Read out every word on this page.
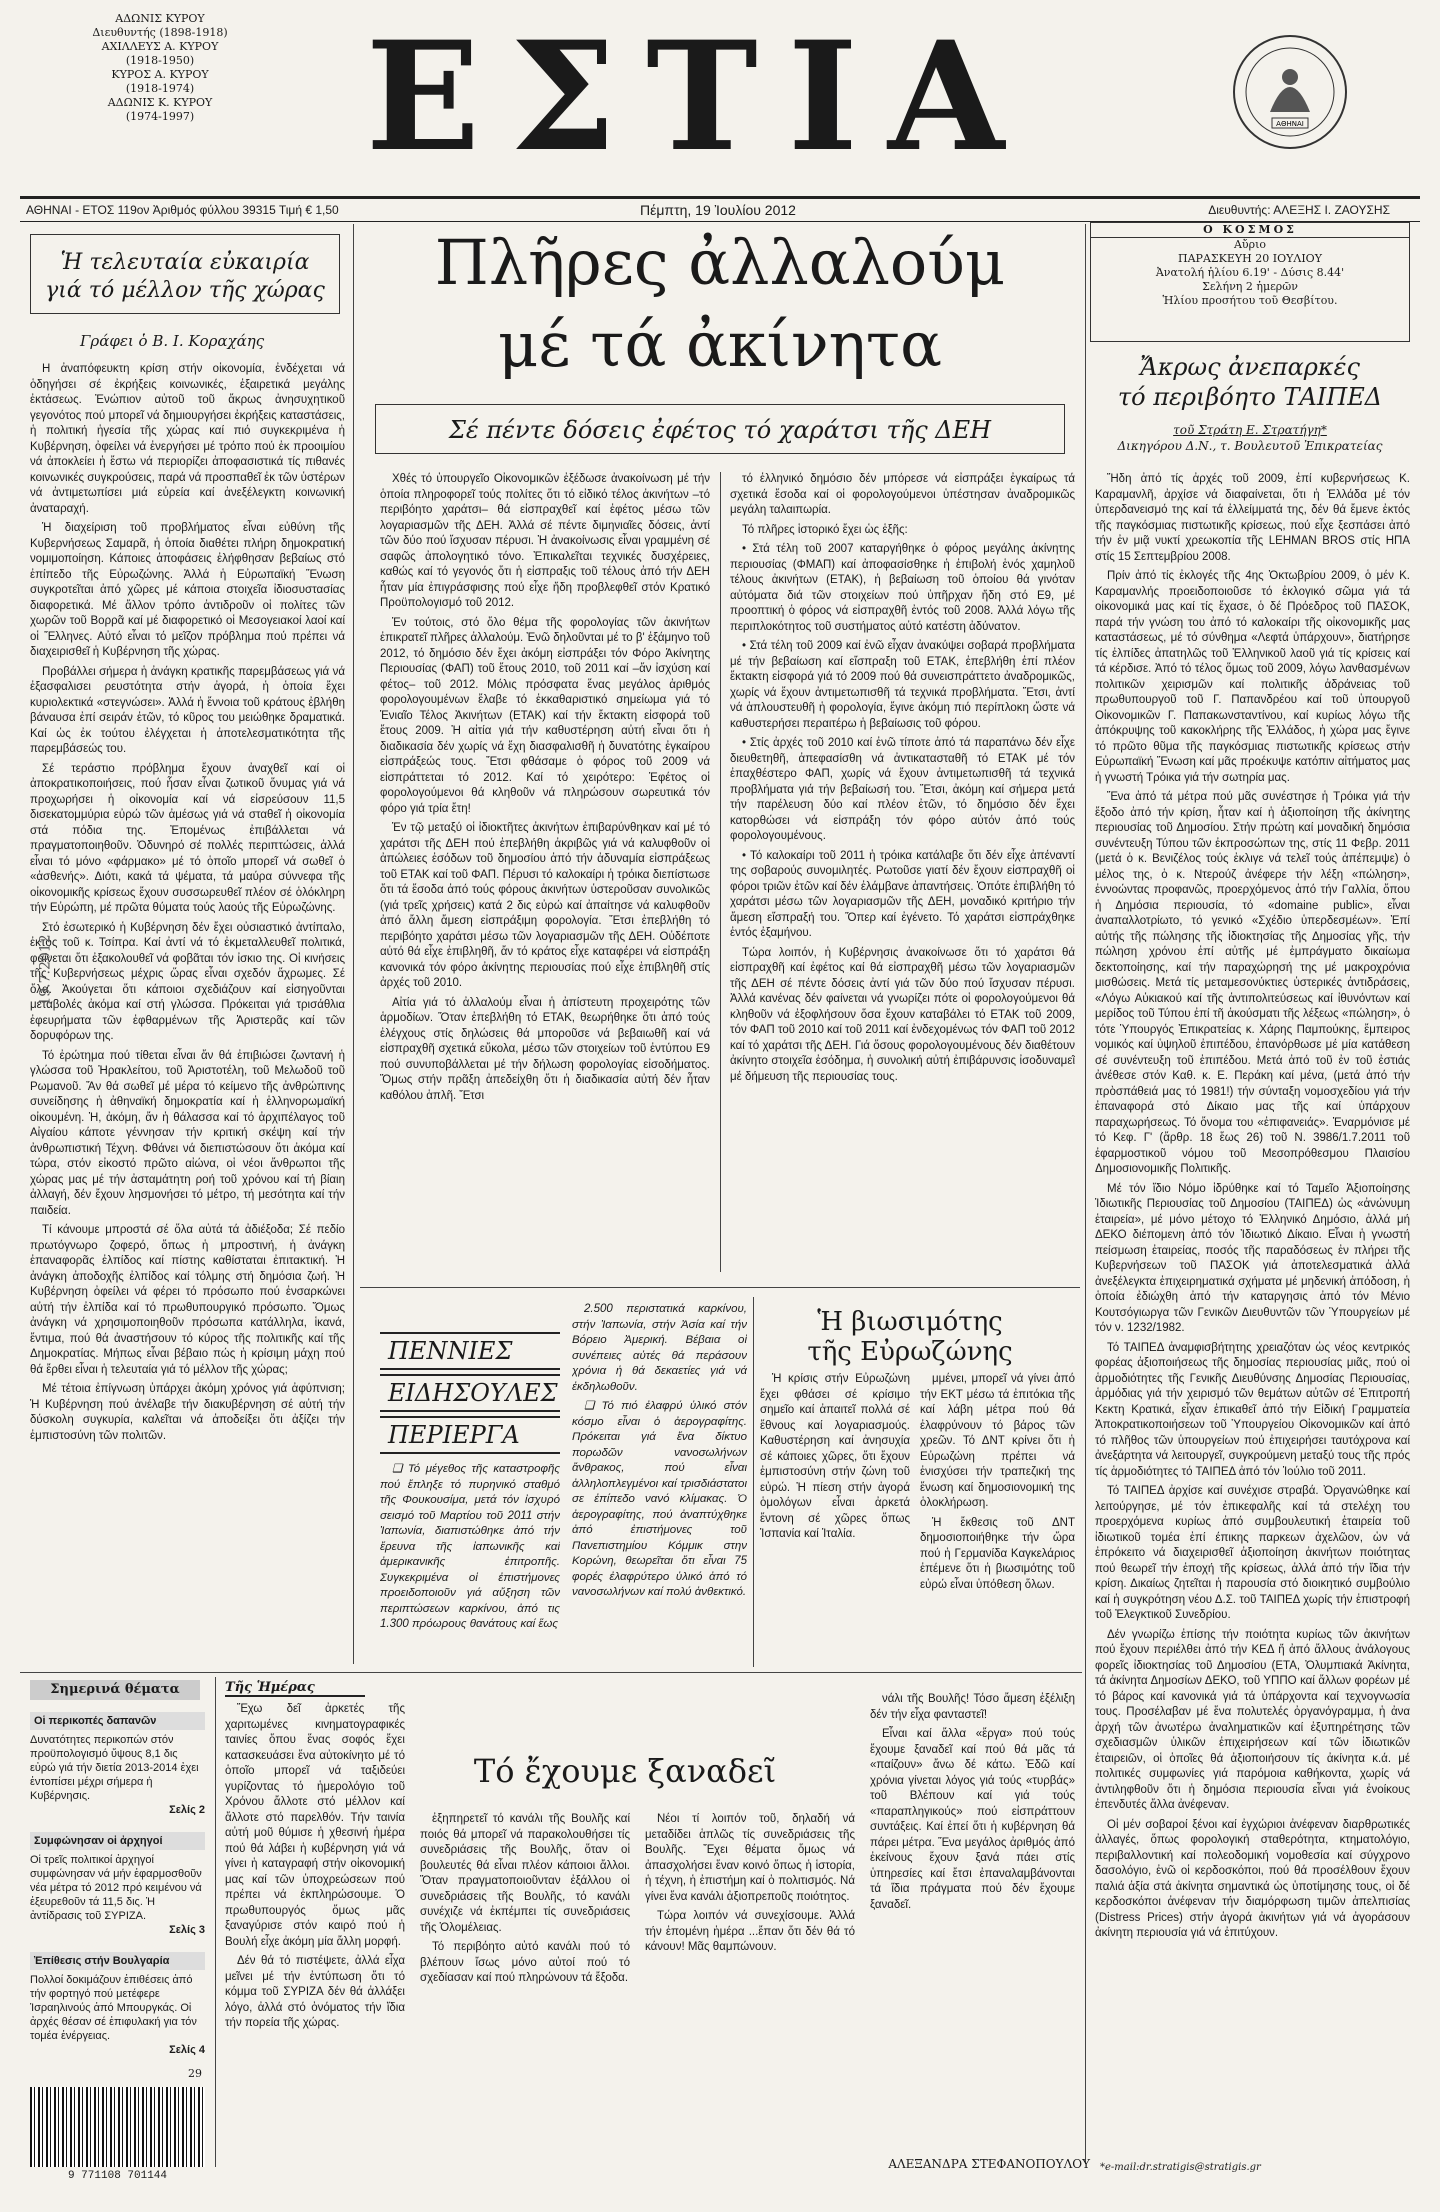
ΑΔΩΝΙΣ ΚΥΡΟΥ
Διευθυντής (1898-1918)
ΑΧΙΛΛΕΥΣ Α. ΚΥΡΟΥ
(1918-1950)
ΚΥΡΟΣ Α. ΚΥΡΟΥ
(1918-1974)
ΑΔΩΝΙΣ Κ. ΚΥΡΟΥ
(1974-1997)	ΕΣΤΙΑ	ΑΘΗΝΑΙ
ΑΘΗΝΑΙ - ΕΤΟΣ 119ον Ἀριθμός φύλλου 39315 Τιμή € 1,50	Πέμπτη, 19 Ἰουλίου 2012	Διευθυντής: ΑΛΕΞΗΣ Ι. ΖΑΟΥΣΗΣ
Ἡ τελευταία εὐκαιρία
γιά τό μέλλον τῆς χώρας
Γράφει ὁ Β. Ι. Κοραχάης

Η ἀναπόφευκτη κρίση στήν οἰκονομία, ἐνδέχεται νά ὁδηγήσει σέ ἐκρήξεις κοινωνικές, ἐξαιρετικά μεγάλης ἐκτάσεως. Ἐνώπιον αὐτοῦ τοῦ ἄκρως ἀνησυχητικοῦ γεγονότος πού μπορεῖ νά δημιουργήσει ἐκρήξεις καταστάσεις, ἡ πολιτική ἡγεσία τῆς χώρας καί πιό συγκεκριμένα ἡ Κυβέρνηση, ὀφείλει νά ἐνεργήσει μέ τρόπο πού ἐκ προοιμίου νά ἀποκλείει ἡ ἔστω νά περιορίζει ἀποφασιστικά τίς πιθανές κοινωνικές συγκρούσεις, παρά νά προσπαθεῖ ἐκ τῶν ὑστέρων νά ἀντιμετωπίσει μιά εὐρεία καί ἀνεξέλεγκτη κοινωνική ἀναταραχή.

Ἡ διαχείριση τοῦ προβλήματος εἶναι εὐθύνη τῆς Κυβερνήσεως Σαμαρᾶ, ἡ ὁποία διαθέτει πλήρη δημοκρατική νομιμοποίηση. Κάποιες ἀποφάσεις ἐλήφθησαν βεβαίως στό ἐπίπεδο τῆς Εὐρωζώνης. Ἀλλά ἡ Εὐρωπαϊκή Ἕνωση συγκροτεῖται ἀπό χῶρες μέ κάποια στοιχεῖα ἰδιοσυστασίας διαφορετικά. Μέ ἄλλον τρόπο ἀντιδροῦν οἱ πολίτες τῶν χωρῶν τοῦ Βορρᾶ καί μέ διαφορετικό οἱ Μεσογειακοί λαοί καί οἱ Ἕλληνες. Αὐτό εἶναι τό μεῖζον πρόβλημα πού πρέπει νά διαχειρισθεῖ ἡ Κυβέρνηση τῆς χώρας.

Προβάλλει σήμερα ἡ ἀνάγκη κρατικῆς παρεμβάσεως γιά νά ἐξασφαλισει ρευστότητα στήν ἀγορά, ἡ ὁποία ἔχει κυριολεκτικά «στεγνώσει». Ἀλλά ἡ ἔννοια τοῦ κράτους ἐβλήθη βάναυσα ἐπί σειράν ἐτῶν, τό κῦρος του μειώθηκε δραματικά. Καί ὡς ἐκ τούτου ἐλέγχεται ἡ ἀποτελεσματικότητα τῆς παρεμβάσεώς του.

Σέ τεράστιο πρόβλημα ἔχουν ἀναχθεῖ καί οἱ ἀποκρατικοποιήσεις, πού ἦσαν εἶναι ζωτικοῦ ὅνυμας γιά νά προχωρήσει ἡ οἰκονομία καί νά εἰσρεύσουν 11,5 δισεκατομμύρια εὐρώ τῶν ἀμέσως γιά νά σταθεῖ ἡ οἰκονομία στά πόδια της. Ἐπομένως ἐπιβάλλεται νά πραγματοποιηθοῦν. Ὀδυνηρό σέ πολλές περιπτώσεις, ἀλλά εἶναι τό μόνο «φάρμακο» μέ τό ὁποῖο μπορεῖ νά σωθεῖ ὁ «ἀσθενής». Διότι, κακά τά ψέματα, τά μαύρα σύννεφα τῆς οἰκονομικῆς κρίσεως ἔχουν συσσωρευθεῖ πλέον σέ ὁλόκληρη τήν Εὐρώπη, μέ πρῶτα θύματα τούς λαούς τῆς Εὐρωζώνης.

Στό ἐσωτερικό ἡ Κυβέρνηση δέν ἔχει οὐσιαστικό ἀντίπαλο, ἐκτός τοῦ κ. Τσίπρα. Καί ἀντί νά τό ἐκμεταλλευθεῖ πολιτικά, φαίνεται ὅτι ἐξακολουθεῖ νά φοβᾶται τόν ἰσκιο της. Οἱ κινήσεις τῆς Κυβερνήσεως μέχρις ὥρας εἶναι σχεδόν ἄχρωμες. Σέ ὅλα. Ἀκούγεται ὅτι κάποιοι σχεδιάζουν καί εἰσηγοῦνται μεταβολές ἀκόμα καί στή γλώσσα. Πρόκειται γιά τρισάθλια ἐφευρήματα τῶν ἐφθαρμένων τῆς Ἀριστερᾶς καί τῶν δορυφόρων της.

Τό ἐρώτημα πού τίθεται εἶναι ἄν θά ἐπιβιώσει ζωντανή ἡ γλώσσα τοῦ Ἡρακλείτου, τοῦ Ἀριστοτέλη, τοῦ Μελωδοῦ τοῦ Ρωμανοῦ. Ἄν θά σωθεῖ μέ μέρα τό κείμενο τῆς ἀνθρώπινης συνείδησης ἡ ἀθηναϊκή δημοκρατία καί ἡ ἑλληνορωμαϊκή οἰκουμένη. Ἡ, ἀκόμη, ἄν ἡ θάλασσα καί τό ἀρχιπέλαγος τοῦ Αἰγαίου κάποτε γέννησαν τήν κριτική σκέψη καί τήν ἀνθρωπιστική Τέχνη. Φθάνει νά διεπιστώσουν ὅτι ἀκόμα καί τώρα, στόν εἰκοστό πρῶτο αἰώνα, οἱ νέοι ἄνθρωποι τῆς χώρας μας μέ τήν ἀσταμάτητη ροή τοῦ χρόνου καί τή βίαιη ἀλλαγή, δέν ἔχουν λησμονήσει τό μέτρο, τή μεσότητα καί τήν παιδεία.

Τί κάνουμε μπροστά σέ ὅλα αὐτά τά ἀδιέξοδα; Σέ πεδίο πρωτόγνωρο ζοφερό, ὅπως ἡ μπροστινή, ἡ ἀνάγκη ἐπαναφορᾶς ἐλπίδος καί πίστης καθίσταται ἐπιτακτική. Ἡ ἀνάγκη ἀποδοχῆς ἐλπίδος καί τόλμης στή δημόσια ζωή. Ἡ Κυβέρνηση ὀφείλει νά φέρει τό πρόσωπο πού ἐνσαρκώνει αὐτή τήν ἐλπίδα καί τό πρωθυπουργικό πρόσωπο. Ὅμως ἀνάγκη νά χρησιμοποιηθοῦν πρόσωπα κατάλληλα, ἱκανά, ἔντιμα, πού θά ἀναστήσουν τό κύρος τῆς πολιτικῆς καί τῆς Δημοκρατίας. Μήπως εἶναι βέβαιο πώς ἡ κρίσιμη μάχη πού θά ἔρθει εἶναι ἡ τελευταία γιά τό μέλλον τῆς χώρας;

Μέ τέτοια ἐπίγνωση ὑπάρχει ἀκόμη χρόνος γιά ἀφύπνιση; Ἡ Κυβέρνηση πού ἀνέλαβε τήν διακυβέρνηση σέ αὐτή τήν δύσκολη συγκυρία, καλεῖται νά ἀποδείξει ὅτι ἀξίζει τήν ἐμπιστοσύνη τῶν πολιτῶν.

Πλῆρες ἀλλαλούμ
μέ τά ἀκίνητα
Σέ πέντε δόσεις ἐφέτος τό χαράτσι τῆς ΔΕΗ

Χθές τό ὑπουργεῖο Οἰκονομικῶν ἐξέδωσε ἀνακοίνωση μέ τήν ὁποία πληροφορεῖ τούς πολίτες ὅτι τό εἰδικό τέλος ἀκινήτων –τό περιβόητο χαράτσι– θά εἰσπραχθεῖ καί ἐφέτος μέσω τῶν λογαριασμῶν τῆς ΔΕΗ. Ἀλλά σέ πέντε διμηνιαῖες δόσεις, ἀντί τῶν δύο πού ἴσχυσαν πέρυσι. Ἡ ἀνακοίνωσις εἶναι γραμμένη σέ σαφῶς ἀπολογητικό τόνο. Ἐπικαλεῖται τεχνικές δυσχέρειες, καθώς καί τό γεγονός ὅτι ἡ εἰσπραξις τοῦ τέλους ἀπό τήν ΔΕΗ ἦταν μία ἐπιγράσφισης πού εἶχε ἤδη προβλεφθεῖ στόν Κρατικό Προϋπολογισμό τοῦ 2012.

Ἐν τούτοις, στό ὅλο θέμα τῆς φορολογίας τῶν ἀκινήτων ἐπικρατεῖ πλῆρες ἀλλαλούμ. Ἐνῶ δηλοῦνται μέ το β' ἑξάμηνο τοῦ 2012, τό δημόσιο δέν ἔχει ἀκόμη εἰσπράξει τόν Φόρο Ἀκίνητης Περιουσίας (ΦΑΠ) τοῦ ἔτους 2010, τοῦ 2011 καί –ἄν ἰσχύση καί φέτος– τοῦ 2012. Μόλις πρόσφατα ἕνας μεγάλος ἀριθμός φορολογουμένων ἔλαβε τό ἐκκαθαριστικό σημείωμα γιά τό Ἑνιαῖο Τέλος Ἀκινήτων (ΕΤΑΚ) καί τήν ἔκτακτη εἰσφορά τοῦ ἔτους 2009. Ἡ αἰτία γιά τήν καθυστέρηση αὐτή εἶναι ὅτι ἡ διαδικασία δέν χωρίς νά ἔχη διασφαλισθῆ ἡ δυνατότης ἐγκαίρου εἰσπράξεώς τους. Ἔτσι φθάσαμε ὁ φόρος τοῦ 2009 νά εἰσπράττεται τό 2012. Καί τό χειρότερο: Ἐφέτος οἱ φορολογούμενοι θά κληθοῦν νά πληρώσουν σωρευτικά τόν φόρο γιά τρία ἔτη!

Ἐν τῷ μεταξύ οἱ ἰδιοκτῆτες ἀκινήτων ἐπιβαρύνθηκαν καί μέ τό χαράτσι τῆς ΔΕΗ πού ἐπεβλήθη ἀκριβῶς γιά νά καλυφθοῦν οἱ ἀπώλειες ἐσόδων τοῦ δημοσίου ἀπό τήν ἀδυναμία εἰσπράξεως τοῦ ΕΤΑΚ καί τοῦ ΦΑΠ. Πέρυσι τό καλοκαίρι ἡ τρόικα διεπίστωσε ὅτι τά ἔσοδα ἀπό τούς φόρους ἀκινήτων ὑστεροῦσαν συνολικῶς (γιά τρεῖς χρήσεις) κατά 2 δις εὐρώ καί ἀπαίτησε νά καλυφθοῦν ἀπό ἄλλη ἄμεση εἰσπράξιμη φορολογία. Ἔτσι ἐπεβλήθη τό περιβόητο χαράτσι μέσω τῶν λογαριασμῶν τῆς ΔΕΗ. Οὐδέποτε αὐτό θά εἶχε ἐπιβληθῆ, ἄν τό κράτος εἶχε καταφέρει νά εἰσπράξη κανονικά τόν φόρο ἀκίνητης περιουσίας πού εἶχε ἐπιβληθῆ στίς ἀρχές τοῦ 2010.

Αἰτία γιά τό ἀλλαλούμ εἶναι ἡ ἀπίστευτη προχειρότης τῶν ἁρμοδίων. Ὅταν ἐπεβλήθη τό ΕΤΑΚ, θεωρήθηκε ὅτι ἀπό τούς ἐλέγχους στίς δηλώσεις θά μποροῦσε νά βεβαιωθῆ καί νά εἰσπραχθῆ σχετικά εὔκολα, μέσω τῶν στοιχείων τοῦ ἐντύπου Ε9 πού συνυποβάλλεται μέ τήν δήλωση φορολογίας εἰσοδήματος. Ὅμως στήν πρᾶξη ἀπεδείχθη ὅτι ἡ διαδικασία αὐτή δέν ἦταν καθόλου ἁπλῆ. Ἔτσι

τό ἑλληνικό δημόσιο δέν μπόρεσε νά εἰσπράξει ἐγκαίρως τά σχετικά ἔσοδα καί οἱ φορολογούμενοι ὑπέστησαν ἀναδρομικῶς μεγάλη ταλαιπωρία.

Τό πλῆρες ἱστορικό ἔχει ὡς ἑξῆς:

• Στά τέλη τοῦ 2007 καταργήθηκε ὁ φόρος μεγάλης ἀκίνητης περιουσίας (ΦΜΑΠ) καί ἀποφασίσθηκε ἡ ἐπιβολή ἑνός χαμηλοῦ τέλους ἀκινήτων (ΕΤΑΚ), ἡ βεβαίωση τοῦ ὁποίου θά γινόταν αὐτόματα διά τῶν στοιχείων πού ὑπῆρχαν ἤδη στό Ε9, μέ προοπτική ὁ φόρος νά εἰσπραχθῆ ἐντός τοῦ 2008. Ἀλλά λόγω τῆς περιπλοκότητος τοῦ συστήματος αὐτό κατέστη ἀδύνατον.

• Στά τέλη τοῦ 2009 καί ἐνῶ εἶχαν ἀνακύψει σοβαρά προβλήματα μέ τήν βεβαίωση καί εἴσπραξη τοῦ ΕΤΑΚ, ἐπεβλήθη ἐπί πλέον ἔκτακτη εἰσφορά γιά τό 2009 πού θά συνεισπράττετο ἀναδρομικῶς, χωρίς νά ἔχουν ἀντιμετωπισθῆ τά τεχνικά προβλήματα. Ἔτσι, ἀντί νά ἁπλουστευθῆ ἡ φορολογία, ἔγινε ἀκόμη πιό περίπλοκη ὥστε νά καθυστερήσει περαιτέρω ἡ βεβαίωσις τοῦ φόρου.

• Στίς ἀρχές τοῦ 2010 καί ἐνῶ τίποτε ἀπό τά παραπάνω δέν εἶχε διευθετηθῆ, ἀπεφασίσθη νά ἀντικατασταθῆ τό ΕΤΑΚ μέ τόν ἐπαχθέστερο ΦΑΠ, χωρίς νά ἔχουν ἀντιμετωπισθῆ τά τεχνικά προβλήματα γιά τήν βεβαίωσή του. Ἔτσι, ἀκόμη καί σήμερα μετά τήν παρέλευση δύο καί πλέον ἐτῶν, τό δημόσιο δέν ἔχει κατορθώσει νά εἰσπράξη τόν φόρο αὐτόν ἀπό τούς φορολογουμένους.

• Τό καλοκαίρι τοῦ 2011 ἡ τρόικα κατάλαβε ὅτι δέν εἶχε ἀπέναντί της σοβαρούς συνομιλητές. Ρωτοῦσε γιατί δέν ἔχουν εἰσπραχθῆ οἱ φόροι τριῶν ἐτῶν καί δέν ἐλάμβανε ἀπαντήσεις. Ὁπότε ἐπιβλήθη τό χαράτσι μέσω τῶν λογαριασμῶν τῆς ΔΕΗ, μοναδικό κριτήριο τήν ἄμεση εἴσπραξή του. Ὅπερ καί ἐγένετο. Τό χαράτσι εἰσπράχθηκε ἐντός ἐξαμήνου.

Τώρα λοιπόν, ἡ Κυβέρνησις ἀνακοίνωσε ὅτι τό χαράτσι θά εἰσπραχθῆ καί ἐφέτος καί θά εἰσπραχθῆ μέσω τῶν λογαριασμῶν τῆς ΔΕΗ σέ πέντε δόσεις ἀντί γιά τῶν δύο πού ἴσχυσαν πέρυσι. Ἀλλά κανένας δέν φαίνεται νά γνωρίζει πότε οἱ φορολογούμενοι θά κληθοῦν νά ἐξοφλήσουν ὅσα ἔχουν καταβάλει τό ΕΤΑΚ τοῦ 2009, τόν ΦΑΠ τοῦ 2010 καί τοῦ 2011 καί ἐνδεχομένως τόν ΦΑΠ τοῦ 2012 καί τό χαράτσι τῆς ΔΕΗ. Γιά ὅσους φορολογουμένους δέν διαθέτουν ἀκίνητο στοιχεῖα ἐσόδημα, ἡ συνολική αὐτή ἐπιβάρυνσις ἰσοδυναμεῖ μέ δήμευση τῆς περιουσίας τους.

Ο ΚΟΣΜΟΣ
Αὔριο
ΠΑΡΑΣΚΕΥΗ 20 ΙΟΥΛΙΟΥ
Ἀνατολή ἡλίου 6.19' - Δύσις 8.44'
Σελήνη 2 ἡμερῶν
Ἡλίου προσήτου τοῦ Θεσβίτου.
Ἄκρως ἀνεπαρκές
τό περιβόητο ΤΑΙΠΕΔ
τοῦ Στράτη Ε. Στρατήγη*
Δικηγόρου Δ.Ν., τ. Βουλευτοῦ Ἐπικρατείας

Ἤδη ἀπό τίς ἀρχές τοῦ 2009, ἐπί κυβερνήσεως Κ. Καραμανλῆ, ἀρχίσε νά διαφαίνεται, ὅτι ἡ Ἑλλάδα μέ τόν ὑπερδανεισμό της καί τά ἐλλείμματά της, δέν θά ἔμενε ἐκτός τῆς παγκόσμιας πιστωτικῆς κρίσεως, πού εἶχε ξεσπάσει ἀπό τήν ἐν μιᾷ νυκτί χρεωκοπία τῆς LEHMAN BROS στίς ΗΠΑ στίς 15 Σεπτεμβρίου 2008.

Πρίν ἀπό τίς ἐκλογές τῆς 4ης Ὀκτωβρίου 2009, ὁ μέν Κ. Καραμανλής προειδοποιοῦσε τό ἐκλογικό σῶμα γιά τά οἰκονομικά μας καί τίς ἔχασε, ὁ δέ Πρόεδρος τοῦ ΠΑΣΟΚ, παρά τήν γνώση του ἀπό τό καλοκαίρι τῆς οἰκονομικῆς μας καταστάσεως, μέ τό σύνθημα «Λεφτά ὑπάρχουν», διατήρησε τίς ἐλπίδες ἀπατηλῶς τοῦ Ἑλληνικοῦ λαοῦ γιά τίς κρίσεις καί τά κέρδισε. Ἀπό τό τέλος ὅμως τοῦ 2009, λόγω λανθασμένων πολιτικῶν χειρισμῶν καί πολιτικῆς ἀδράνειας τοῦ πρωθυπουργοῦ τοῦ Γ. Παπανδρέου καί τοῦ ὑπουργοῦ Οἰκονομικῶν Γ. Παπακωνσταντίνου, καί κυρίως λόγω τῆς ἀπόκρυψης τοῦ κακοκλήρης τῆς Ἑλλάδος, ἡ χώρα μας ἔγινε τό πρῶτο θῦμα τῆς παγκόσμιας πιστωτικῆς κρίσεως στήν Εὐρωπαϊκή Ἕνωση καί μᾶς προέκυψε κατόπιν αἰτήματος μας ἡ γνωστή Τρόικα γιά τήν σωτηρία μας.

Ἕνα ἀπό τά μέτρα πού μᾶς συνέστησε ἡ Τρόικα γιά τήν ἔξοδο ἀπό τήν κρίση, ἦταν καί ἡ ἀξιοποίηση τῆς ἀκίνητης περιουσίας τοῦ Δημοσίου. Στήν πρώτη καί μοναδική δημόσια συνέντευξη Τύπου τῶν ἐκπροσώπων της, στίς 11 Φεβρ. 2011 (μετά ὁ κ. Βενιζέλος τούς ἐκλιγε νά τελεῖ τούς ἀπέπεμψε) ὁ μέλος της, ὁ κ. Ντερούζ ἀνέφερε τήν λέξη «πώληση», ἐννοώντας προφανῶς, προερχόμενος ἀπό τήν Γαλλία, ὅπου ἡ Δημόσια περιουσία, τό «domaine public», εἶναι ἀναπαλλοτρίωτο, τό γενικό «Σχέδιο ὑπερδεσμέων». Ἐπί αὐτής τῆς πώλησης τῆς ἰδιοκτησίας τῆς Δημοσίας γῆς, τήν πώληση χρόνου ἐπί αὐτῆς μέ ἐμπράγματο δικαίωμα δεκτοποίησης, καί τήν παραχώρησή της μέ μακροχρόνια μισθώσεις. Μετά τίς μεταμεσονύκτιες ὑστερικές ἀντιδράσεις, «Λόγω Αὐκιακού καί τῆς ἀντιπολιτεύσεως καί ἰθυνόντων καί μερίδος τοῦ Τύπου ἐπί τῆ ἀκούσματι τῆς λέξεως «πώληση», ὁ τότε Ὑπουργός Ἐπικρατείας κ. Χάρης Παμπούκης, ἔμπειρος νομικός καί ὑψηλοῦ ἐπιπέδου, ἐπανόρθωσε μέ μία κατάθεση σέ συνέντευξη τοῦ ἐπιπέδου. Μετά ἀπό τοῦ ἐν τοῦ ἐστιάς ἀνέθεσε στόν Καθ. κ. Ε. Περάκη καί μένα, (μετά ἀπό τήν πρὸσπάθειά μας τό 1981!) τήν σύνταξη νομοσχεδίου γιά τήν ἐπαναφορά στό Δίκαιο μας τῆς καί ὑπάρχουν παραχωρήσεως. Τό ὄνομα του «ἐπιφανειάς». Ἐναρμόνισε μέ τό Κεφ. Γ' (ἄρθρ. 18 ἕως 26) τοῦ Ν. 3986/1.7.2011 τοῦ ἐφαρμοστικοῦ νόμου τοῦ Μεσοπρόθεσμου Πλαισίου Δημοσιονομικῆς Πολιτικῆς.

Μέ τόν ἴδιο Νόμο ἱδρύθηκε καί τό Ταμεῖο Ἀξιοποίησης Ἰδιωτικῆς Περιουσίας τοῦ Δημοσίου (ΤΑΙΠΕΔ) ὡς «ἀνώνυμη ἑταιρεία», μέ μόνο μέτοχο τό Ἑλληνικό Δημόσιο, ἀλλά μή ΔΕΚΟ διέπομενη ἀπό τόν Ἰδιωτικό Δίκαιο. Εἶναι ἡ γνωστή πείσμωση ἐταιρείας, ποσός τῆς παραδόσεως ἐν πλήρει τῆς Κυβερνήσεων τοῦ ΠΑΣΟΚ γιά ἀποτελεσματικά ἀλλά ἀνεξέλεγκτα ἐπιχειρηματικά σχήματα μέ μηδενική ἀπόδοση, ἡ ὁποία ἐδιώχθη ἀπό τήν καταργησις ἀπό τόν Μένιο Κουτσόγιωργα τῶν Γενικῶν Διευθυντῶν τῶν Ὑπουργείων μέ τόν ν. 1232/1982.

Τό ΤΑΙΠΕΔ ἀναμφισβήτητης χρειαζόταν ὡς νέος κεντρικός φορέας ἀξιοποιήσεως τῆς δημοσίας περιουσίας μιᾶς, πού οἱ ἁρμοδιότητες τῆς Γενικῆς Διευθύνσης Δημοσίας Περιουσίας, ἁρμόδιας γιά τήν χειρισμό τῶν θεμάτων αὐτῶν σέ Ἐπιτροπή Κεκτη Κρατικά, εἶχαν ἐπικαθεῖ ἀπό τήν Εἰδική Γραμματεία Ἀποκρατικοποιήσεων τοῦ Ὑπουργείου Οἰκονομικῶν καί ἀπό τό πλῆθος τῶν ὑπουργείων πού ἐπιχειρήσει ταυτόχρονα καί ἀνεξάρτητα νά λειτουργεῖ, συγκρούμενη μεταξύ τους τῆς πρός τίς ἁρμοδιότητες τό ΤΑΙΠΕΔ ἀπό τόν Ἰούλιο τοῦ 2011.

Τό ΤΑΙΠΕΔ ἀρχίσε καί συνέχισε στραβά. Ὀργανώθηκε καί λειτούργησε, μέ τόν ἐπικεφαλῆς καί τά στελέχη του προερχόμενα κυρίως ἀπό συμβουλευτική ἑταιρεία τοῦ ἰδιωτικοῦ τομέα ἐπί έπικης παρκεων ἀχελῶον, ὡν νά ἐπρόκειτο νά διαχειρισθεῖ ἀξιοποίηση ἀκινήτων ποιότητας πού θεωρεῖ τήν ἐποχή τῆς κρίσεως, ἀλλά ἀπό τήν ἴδια τήν κρίση. Δικαίως ζητεῖται ἡ παρουσία στό διοικητικό συμβούλιο καί ἡ συγκρότηση νέου Δ.Σ. τοῦ ΤΑΙΠΕΔ χωρίς τήν ἐπιστροφή τοῦ Ἐλεγκτικοῦ Συνεδρίου.

Δέν γνωρίζω ἐπίσης τήν ποιότητα κυρίως τῶν ἀκινήτων πού ἔχουν περιέλθει ἀπό τήν ΚΕΔ ἤ ἀπό ἄλλους ἀνάλογους φορεῖς ἰδιοκτησίας τοῦ Δημοσίου (ΕΤΑ, Ὀλυμπιακά Ἀκίνητα, τά ἀκίνητα Δημοσίων ΔΕΚΟ, τοῦ ΥΠΠΟ καί ἄλλων φορέων μέ τό βάρος καί κανονικά γιά τά ὑπάρχοντα καί τεχνογνωσία τους. Προσέλαβαν μέ ἕνα πολυτελές ὀργανόγραμμα, ἡ ἀνα ἀρχή τῶν ἀνωτέρω ἀναληματικῶν καί ἐξυπηρέτησης τῶν σχεδιασμῶν ὑλικῶν ἐπιχειρήσεων καί τῶν ἰδιωτικῶν ἐταιρειῶν, οἱ ὁποῖες θά ἀξιοποιήσουν τίς ἀκίνητα κ.ά. μέ πολιτικές συμφωνίες γιά παρόμοια καθήκοντα, χωρίς νά ἀντιληφθοῦν ὅτι ἡ δημόσια περιουσία εἶναι γιά ἐνοίκους ἐπενδυτές ἄλλα ἀνέφεναν.

Οἱ μέν σοβαροί ξένοι καί ἐγχώριοι ἀνέφεναν διαρθρωτικές ἀλλαγές, ὅπως φορολογική σταθερότητα, κτηματολόγιο, περιβαλλοντική καί πολεοδομική νομοθεσία καί σύγχρονο δασολόγιο, ἐνῶ οἱ κερδοσκόποι, πού θά προσέλθουν ἔχουν παλιά ἀξία στά ἀκίνητα σημαντικά ὡς ὑποτίμησης τους, οἱ δέ κερδοσκόποι ἀνέφεναν τήν διαμόρφωση τιμῶν ἀπελπισίας (Distress Prices) στήν ἀγορά ἀκινήτων γιά νά ἀγοράσουν ἀκίνητη περιουσία γιά νά ἐπιτύχουν.

*e-mail:dr.stratigis@stratigis.gr
ΠΕΝΝΙΕΣ
ΕΙΔΗΣΟΥΛΕΣ
ΠΕΡΙΕΡΓΑ

❑ Τό μέγεθος τῆς καταστροφῆς πού ἔπληξε τό πυρηνικό σταθμό τῆς Φουκουσίμα, μετά τόν ἰσχυρό σεισμό τοῦ Μαρτίου τοῦ 2011 στήν Ἰαπωνία, διαπιστώθηκε ἀπό τήν ἔρευνα τῆς ἰαπωνικῆς καί ἀμερικανικῆς ἐπιτροπῆς. Συγκεκριμένα οἱ ἐπιστήμονες προειδοποιοῦν γιά αὔξηση τῶν περιπτώσεων καρκίνου, ἀπό τις 1.300 πρόωρους θανάτους καί ἕως

2.500 περιστατικά καρκίνου, στήν Ἰαπωνία, στήν Ἀσία καί τήν Βόρειο Ἀμερική. Βέβαια οἱ συνέπειες αὐτές θά περάσουν χρόνια ἡ θά δεκαετίες γιά νά ἐκδηλωθοῦν.

❑ Τό πιό ἐλαφρύ ὑλικό στόν κόσμο εἶναι ὁ ἀερογραφίτης. Πρόκειται γιά ἕνα δίκτυο πορωδῶν νανοσωλήνων ἄνθρακος, πού εἶναι ἀλληλοπλεγμένοι καί τρισδιάστατοι σε ἐπίπεδο νανό κλίμακας. Ὁ ἀερογραφίτης, πού ἀναπτύχθηκε ἀπό ἐπιστήμονες τοῦ Πανεπιστημίου Κόμμικ στην Κορώνη, θεωρεῖται ὅτι εἶναι 75 φορές ἐλαφρύτερο ὑλικό ἀπό τό νανοσωλήνων καί πολύ ἀνθεκτικό.

Ἡ βιωσιμότης
τῆς Εὐρωζώνης

Ἡ κρίσις στήν Εὐρωζώνη ἔχει φθάσει σέ κρίσιμο σημεῖο καί ἀπαιτεῖ πολλά σέ ἔθνους καί λογαριασμούς. Καθυστέρηση καί ἀνησυχία σέ κάποιες χῶρες, ὅτι ἔχουν ἐμπιστοσύνη στήν ζώνη τοῦ εὐρώ. Ἡ πίεση στήν ἀγορά ὁμολόγων εἶναι ἀρκετά ἔντονη σέ χῶρες ὅπως Ἰσπανία καί Ἰταλία.

μμένει, μπορεῖ νά γίνει ἀπό τήν ΕΚΤ μέσω τά ἐπιτόκια τῆς καί λάβη μέτρα πού θά ἐλαφρύνουν τό βάρος τῶν χρεῶν. Τό ΔΝΤ κρίνει ὅτι ἡ Εὐρωζώνη πρέπει νά ἐνισχύσει τήν τραπεζική της ἕνωση καί δημοσιονομική της ὁλοκλήρωση.

Ἡ ἔκθεσις τοῦ ΔΝΤ δημοσιοποιήθηκε τήν ὥρα πού ἡ Γερμανίδα Καγκελάριος ἐπέμενε ὅτι ἡ βιωσιμότης τοῦ εὐρώ εἶναι ὑπόθεση ὅλων.

Σημερινά θέματα
Οἱ περικοπές δαπανῶν
Δυνατότητες περικοπών στόν προϋπολογισμό ὕψους 8,1 δις εὐρώ γιά τήν διετία 2013-2014 ἐχει ἐντοπίσει μέχρι σήμερα ἡ Κυβέρνησις.
Σελίς 2
Συμφώνησαν οἱ ἀρχηγοί
Οἱ τρεῖς πολιτικοί ἀρχηγοί συμφώνησαν νά μήν ἐφαρμοσθοῦν νέα μέτρα τό 2012 πρό κειμένου νά ἐξευρεθοῦν τά 11,5 δις. Ἡ ἀντίδρασις τοῦ ΣΥΡΙΖΑ.
Σελίς 3
Ἐπίθεσις στήν Βουλγαρία
Πολλοί δοκιμάζουν ἐπιθέσεις ἀπό τήν φορτηγό πού μετέφερε Ἰσραηλινούς ἀπό Μπουργκάς. Οἱ ἀρχές θέσαν σέ ἐπιφυλακή για τόν τομέα ἐνέργειας.
Σελίς 4
29
9 771108 701144
Τῆς Ἡμέρας
Τό ἔχουμε ξαναδεῖ

Ἔχω δεῖ ἀρκετές τῆς χαριτωμένες κινηματογραφικές ταινίες ὅπου ἕνας σοφός ἔχει κατασκευάσει ἕνα αὐτοκίνητο μέ τό ὁποῖο μπορεῖ νά ταξιδεύει γυρίζοντας τό ἡμερολόγιο τοῦ Χρόνου ἄλλοτε στό μέλλον καί ἄλλοτε στό παρελθόν. Τήν ταινία αὐτή μοῦ θύμισε ἡ χθεσινή ἡμέρα πού θά λάβει ἡ κυβέρνηση γιά νά γίνει ἡ καταγραφή στήν οἰκονομική μας καί τῶν ὑποχρεώσεων πού πρέπει νά ἐκπληρώσουμε. Ὁ πρωθυπουργός ὅμως μᾶς ξαναγύρισε στόν καιρό πού ἡ Βουλή εἶχε ἀκόμη μία ἄλλη μορφή.

Δέν θά τό πιστέψετε, ἀλλά εἶχα μεῖνει μέ τήν ἐντύπωση ὅτι τό κόμμα τοῦ ΣΥΡΙΖΑ δέν θά ἀλλάξει λόγο, ἀλλά στό ὀνόματος τήν ἴδια τήν πορεία τῆς χώρας.

ἐξηπηρετεῖ τό κανάλι τῆς Βουλῆς καί ποιός θά μπορεῖ νά παρακολουθήσει τίς συνεδριάσεις τῆς Βουλῆς, ὅταν οἱ βουλευτές θά εἶναι πλέον κάποιοι ἄλλοι. Ὅταν πραγματοποιοῦνταν ἐξάλλου οἱ συνεδριάσεις τῆς Βουλῆς, τό κανάλι συνέχιζε νά ἐκπέμπει τίς συνεδριάσεις τῆς Ὁλομέλειας.

Τό περιβόητο αὐτό κανάλι πού τό βλέπουν ἴσως μόνο αὐτοί πού τό σχεδίασαν καί πού πληρώνουν τά ἔξοδα.

Νέοι τί λοιπόν τοῦ, δηλαδή νά μεταδίδει ἁπλῶς τίς συνεδριάσεις τῆς Βουλῆς. Ἔχει θέματα ὅμως νά ἀπασχολήσει ἕναν κοινό ὅπως ἡ ἱστορία, ἡ τέχνη, ἡ ἐπιστήμη καί ὁ πολιτισμός. Νά γίνει ἕνα κανάλι ἀξιοπρεποῦς ποιότητος.

Τώρα λοιπόν νά συνεχίσουμε. Ἀλλά τήν ἑπομένη ἡμέρα ...ἔπαν ὅτι δέν θά τό κάνουν! Μᾶς θαμπώνουν.

νάλι τῆς Βουλῆς! Τόσο ἄμεση ἐξέλιξη δέν τήν εἶχα φανταστεῖ!

Εἶναι καί ἄλλα «ἔργα» πού τούς ἔχουμε ξαναδεῖ καί πού θά μᾶς τά «παίζουν» ἄνω δέ κάτω. Ἐδῶ καί χρόνια γίνεται λόγος γιά τούς «τυρβάς» τοῦ Βλέπουν καί γιά τούς «παραπληγικούς» πού εἰσπράττουν συντάξεις. Καί ἐπεί ὅτι ἡ κυβέρνηση θά πάρει μέτρα. Ἕνα μεγάλος ἀριθμός ἀπό ἐκείνους ἔχουν ξανά πάει στίς ὑπηρεσίες καί ἔτσι ἐπαναλαμβάνονται τά ἴδια πράγματα πού δέν ἔχουμε ξαναδεῖ.

ΑΛΕΞΑΝΔΡΑ ΣΤΕΦΑΝΟΠΟΥΛΟΥ
19.7.2012
